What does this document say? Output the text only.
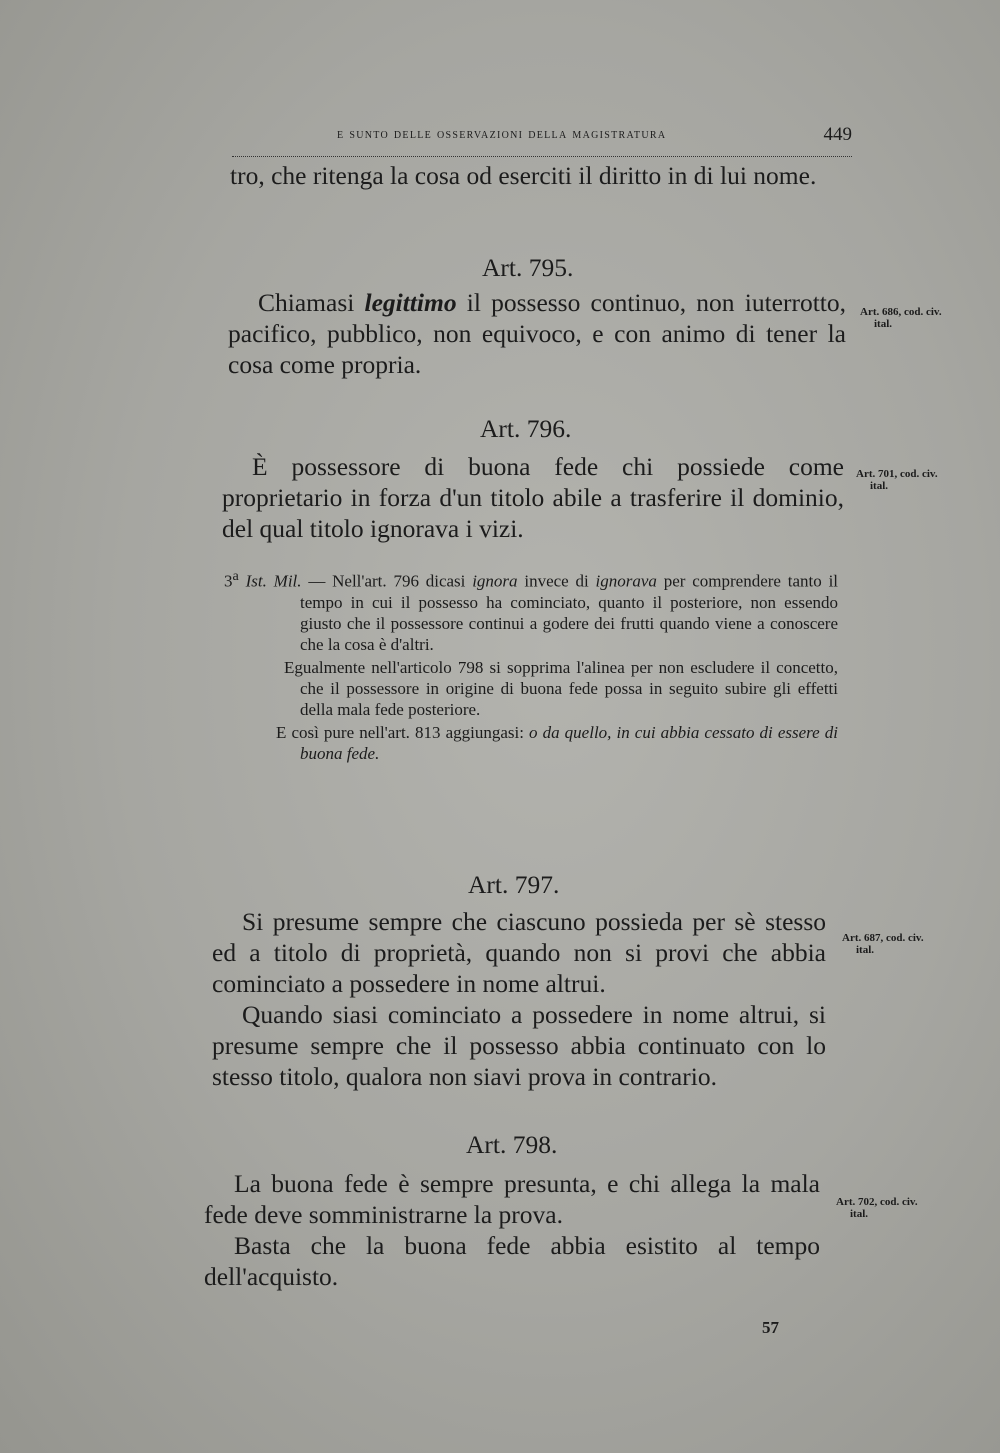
e sunto delle osservazioni della magistratura	449

tro, che ritenga la cosa od eserciti il diritto in di lui nome.

Art. 795.

Chiamasi legittimo il possesso continuo, non iuterrotto, pacifico, pubblico, non equivoco, e con animo di tener la cosa come propria.

Art. 686, cod. civ.
ital.
Art. 796.

È possessore di buona fede chi possiede come proprietario in forza d'un titolo abile a trasferire il dominio, del qual titolo ignorava i vizi.

Art. 701, cod. civ.
ital.

3$^a$ Ist. Mil. — Nell'art. 796 dicasi ignora invece di ignorava per comprendere tanto il tempo in cui il possesso ha cominciato, quanto il posteriore, non essendo giusto che il possessore continui a godere dei frutti quando viene a conoscere che la cosa è d'altri.

Egualmente nell'articolo 798 si sopprima l'alinea per non escludere il concetto, che il possessore in origine di buona fede possa in seguito subire gli effetti della mala fede posteriore.

E così pure nell'art. 813 aggiungasi: o da quello, in cui abbia cessato di essere di buona fede.

Art. 797.

Si presume sempre che ciascuno possieda per sè stesso ed a titolo di proprietà, quando non si provi che abbia cominciato a possedere in nome altrui.

Quando siasi cominciato a possedere in nome altrui, si presume sempre che il possesso abbia continuato con lo stesso titolo, qualora non siavi prova in contrario.

Art. 687, cod. civ.
ital.
Art. 798.

La buona fede è sempre presunta, e chi allega la mala fede deve somministrarne la prova.

Basta che la buona fede abbia esistito al tempo dell'acquisto.

Art. 702, cod. civ.
ital.
57
